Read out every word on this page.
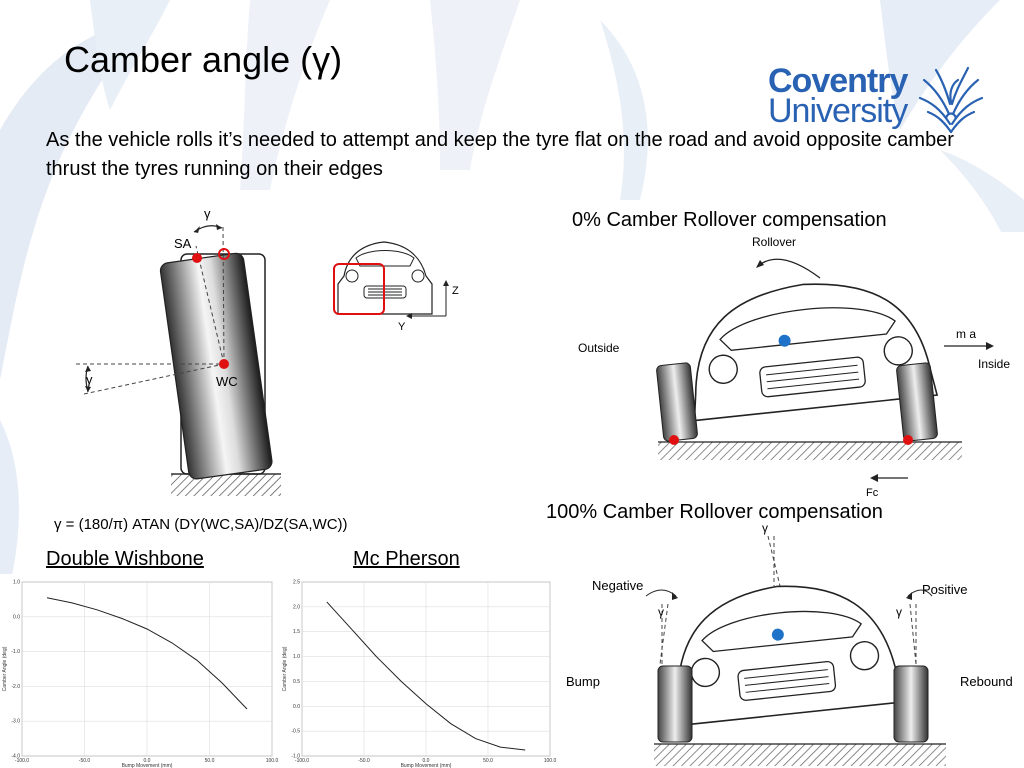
Camber angle (γ)
As the vehicle rolls it’s needed to attempt and keep the tyre flat on the road and avoid opposite camber thrust the tyres running on their edges
Coventry
University
γ
SA
WC
γ
Z
Y
0% Camber Rollover compensation
Rollover
Outside
Inside
m a
Fc
100% Camber Rollover compensation
γ = (180/π) ATAN (DY(WC,SA)/DZ(SA,WC))
Double Wishbone	Mc Pherson
-100.0	-50.0	0.0	50.0	100.0
1.0
0.0
-1.0
-2.0
-3.0
-4.0
Bump Movement (mm)
Camber Angle (deg)
-100.0	-50.0	0.0	50.0	100.0
2.5
2.0
1.5
1.0
0.5
0.0
-0.5
-1.0
Bump Movement (mm)
Camber Angle (deg)
γ
Negative	Positive
γ	γ
Bump	Rebound
